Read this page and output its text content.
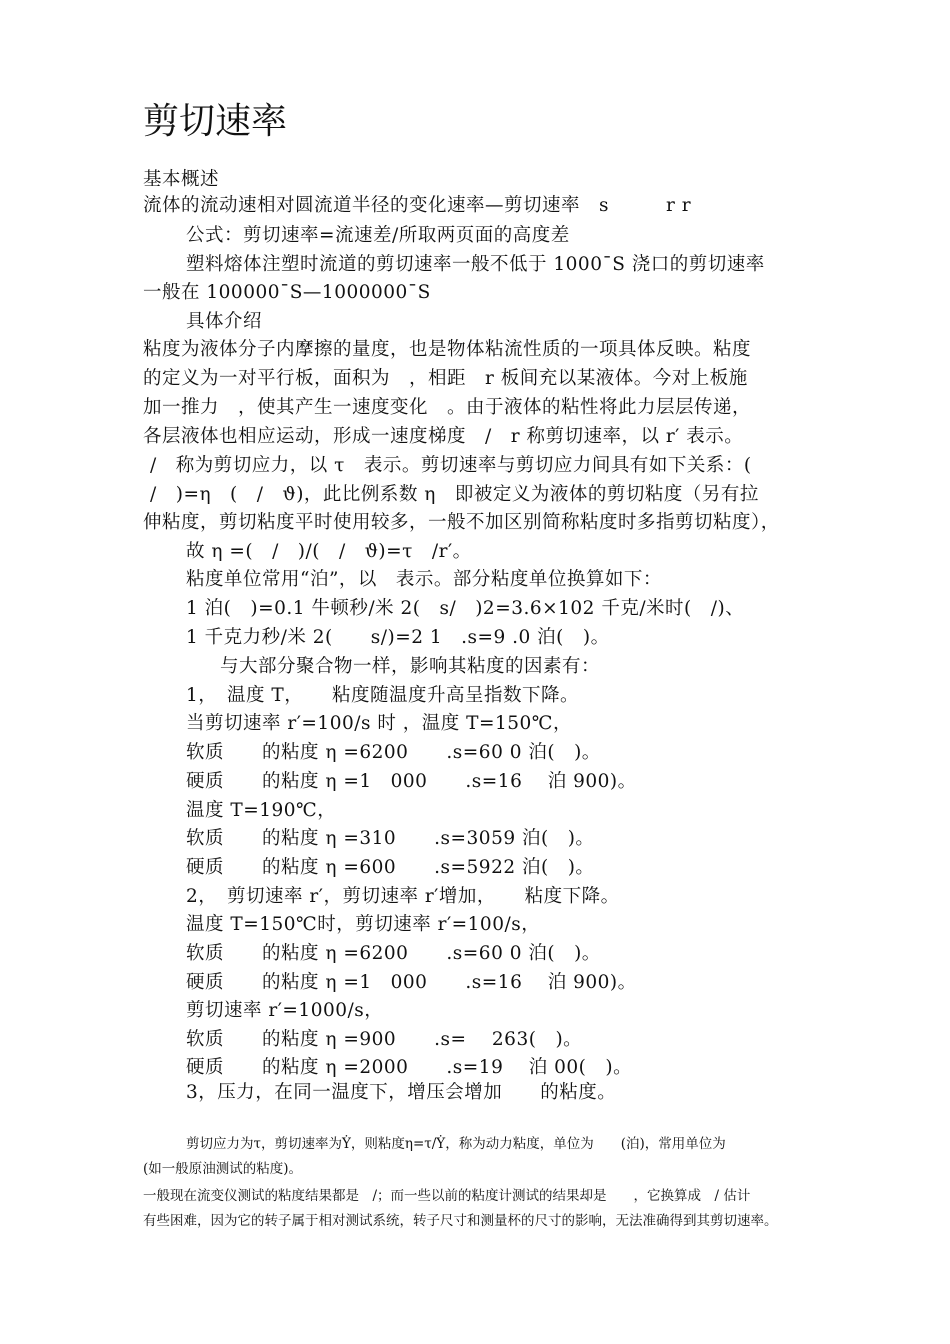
剪切速率
基本概述
流体的流动速相对圆流道半径的变化速率—剪切速率　s　　　r r
公式：剪切速率=流速差/所取两页面的高度差
塑料熔体注塑时流道的剪切速率一般不低于 1000¯S 浇口的剪切速率
一般在 100000¯S—1000000¯S
具体介绍
粘度为液体分子内摩擦的量度，也是物体粘流性质的一项具体反映。粘度
的定义为一对平行板，面积为　，相距　r 板间充以某液体。今对上板施
加一推力　，使其产生一速度变化　。由于液体的粘性将此力层层传递，
各层液体也相应运动，形成一速度梯度　/　r 称剪切速率，以 r′ 表示。
/　称为剪切应力，以 τ　表示。剪切速率与剪切应力间具有如下关系：(
/　)=η　(　/　ϑ)，此比例系数 η　即被定义为液体的剪切粘度（另有拉
伸粘度，剪切粘度平时使用较多，一般不加区别简称粘度时多指剪切粘度），
故 η =(　/　)/(　/　ϑ)=τ　/r′。
粘度单位常用“泊”，以　表示。部分粘度单位换算如下：
1 泊(　)=0.1 牛顿秒/米 2(　s/　)2=3.6×102 千克/米时(　/)、
1 千克力秒/米 2(　　s/)=2 1　.s=9 .0 泊(　)。
与大部分聚合物一样，影响其粘度的因素有：
1，　温度 T，　　粘度随温度升高呈指数下降。
当剪切速率 r′=100/s 时 ，温度 T=150℃，
软质　　的粘度 η =6200　　.s=60 0 泊(　)。
硬质　　的粘度 η =1　000　　.s=16　 泊 900)。
温度 T=190℃，
软质　　的粘度 η =310　　.s=3059 泊(　)。
硬质　　的粘度 η =600　　.s=5922 泊(　)。
2，　剪切速率 r′，剪切速率 r′增加，　　粘度下降。
温度 T=150℃时，剪切速率 r′=100/s，
软质　　的粘度 η =6200　　.s=60 0 泊(　)。
硬质　　的粘度 η =1　000　　.s=16　 泊 900)。
剪切速率 r′=1000/s，
软质　　的粘度 η =900　　.s=　 263(　)。
硬质　　的粘度 η =2000　　.s=19　 泊 00(　)。
3，压力，在同一温度下，增压会增加　　的粘度。
剪切应力为τ，剪切速率为Ẏ，则粘度η=τ/Ẏ，称为动力粘度，单位为　　(泊)，常用单位为
(如一般原油测试的粘度)。
一般现在流变仪测试的粘度结果都是　/；而一些以前的粘度计测试的结果却是　　，它换算成　/ 估计
有些困难，因为它的转子属于相对测试系统，转子尺寸和测量杯的尺寸的影响，无法准确得到其剪切速率。
